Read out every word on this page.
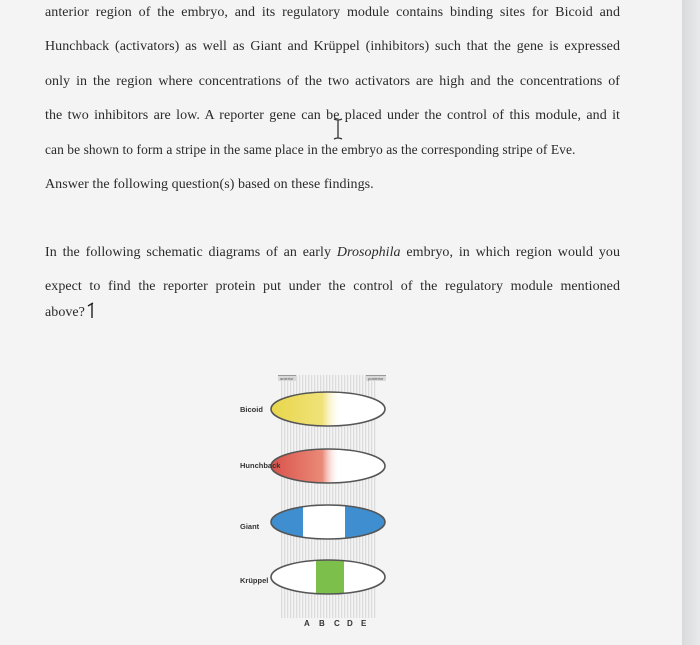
anterior region of the embryo, and its regulatory module contains binding sites for Bicoid and
Hunchback (activators) as well as Giant and Krüppel (inhibitors) such that the gene is expressed
only in the region where concentrations of the two activators are high and the concentrations of
the two inhibitors are low. A reporter gene can be placed under the control of this module, and it
can be shown to form a stripe in the same place in the embryo as the corresponding stripe of Eve.
Answer the following question(s) based on these findings.
In the following schematic diagrams of an early Drosophila embryo, in which region would you
expect to find the reporter protein put under the control of the regulatory module mentioned
above?
anterior	posterior
Bicoid
Hunchback
Giant
Krüppel
A B C D E
